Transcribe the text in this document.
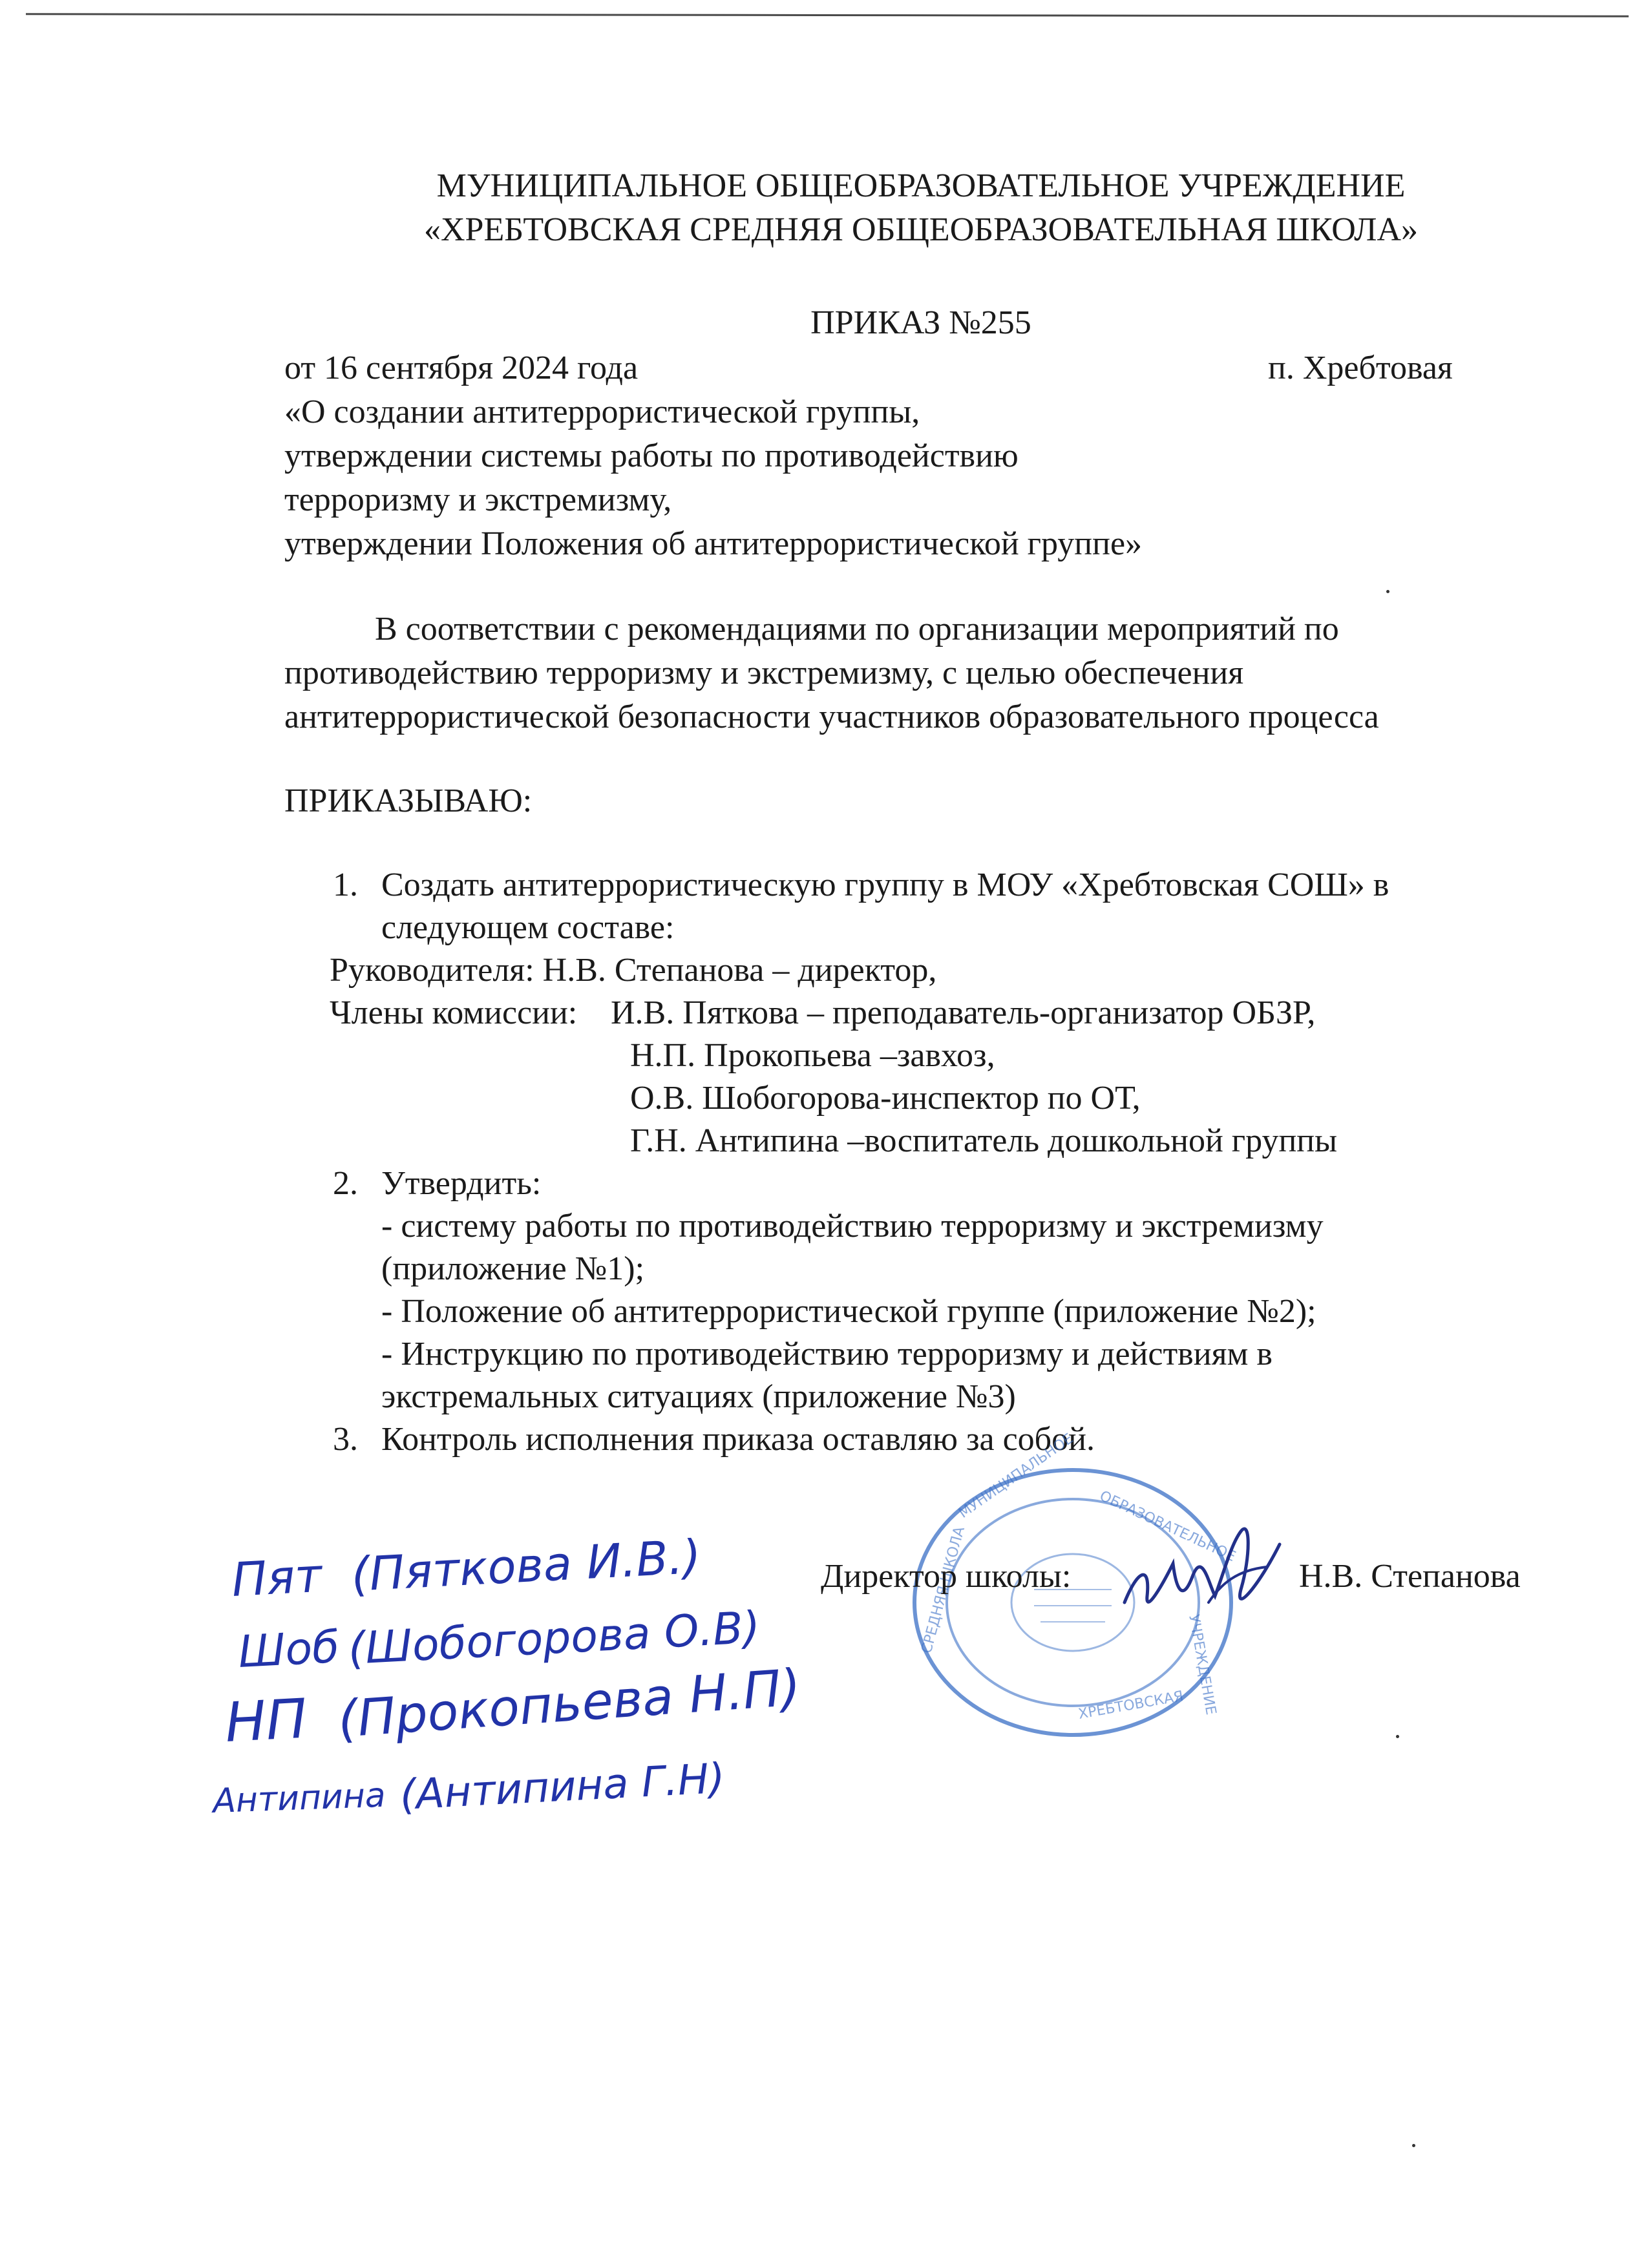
МУНИЦИПАЛЬНОЕ ОБЩЕОБРАЗОВАТЕЛЬНОЕ УЧРЕЖДЕНИЕ
«ХРЕБТОВСКАЯ СРЕДНЯЯ ОБЩЕОБРАЗОВАТЕЛЬНАЯ ШКОЛА»
ПРИКАЗ №255

от 16 сентября 2024 года	п. Хребтовая

«О создании антитеррористической группы,

утверждении системы работы по противодействию

терроризму и экстремизму,

утверждении Положения об антитеррористической группе»

В соответствии с рекомендациями по организации мероприятий по

противодействию терроризму и экстремизму, с целью обеспечения

антитеррористической безопасности участников образовательного процесса

ПРИКАЗЫВАЮ:

1. Создать антитеррористическую группу в МОУ «Хребтовская СОШ» в

следующем составе:

Руководителя: Н.В. Степанова – директор,

Члены комиссии: И.В. Пяткова – преподаватель-организатор ОБЗР,

Н.П. Прокопьева –завхоз,

О.В. Шобогорова-инспектор по ОТ,

Г.Н. Антипина –воспитатель дошкольной группы

2. Утвердить:

- систему работы по противодействию терроризму и экстремизму

(приложение №1);

- Положение об антитеррористической группе (приложение №2);

- Инструкцию по противодействию терроризму и действиям в

экстремальных ситуациях (приложение №3)

3. Контроль исполнения приказа оставляю за собой.

МУНИЦИПАЛЬНОЕ
ОБРАЗОВАТЕЛЬНОЕ
УЧРЕЖДЕНИЕ
ХРЕБТОВСКАЯ
СРЕДНЯЯ ШКОЛА

Директор школы:	Н.В. Степанова

Пят (Пяткова И.В.)
Шоб (Шобогорова О.В)
НП (Прокопьева Н.П)
Антипина (Антипина Г.Н)
